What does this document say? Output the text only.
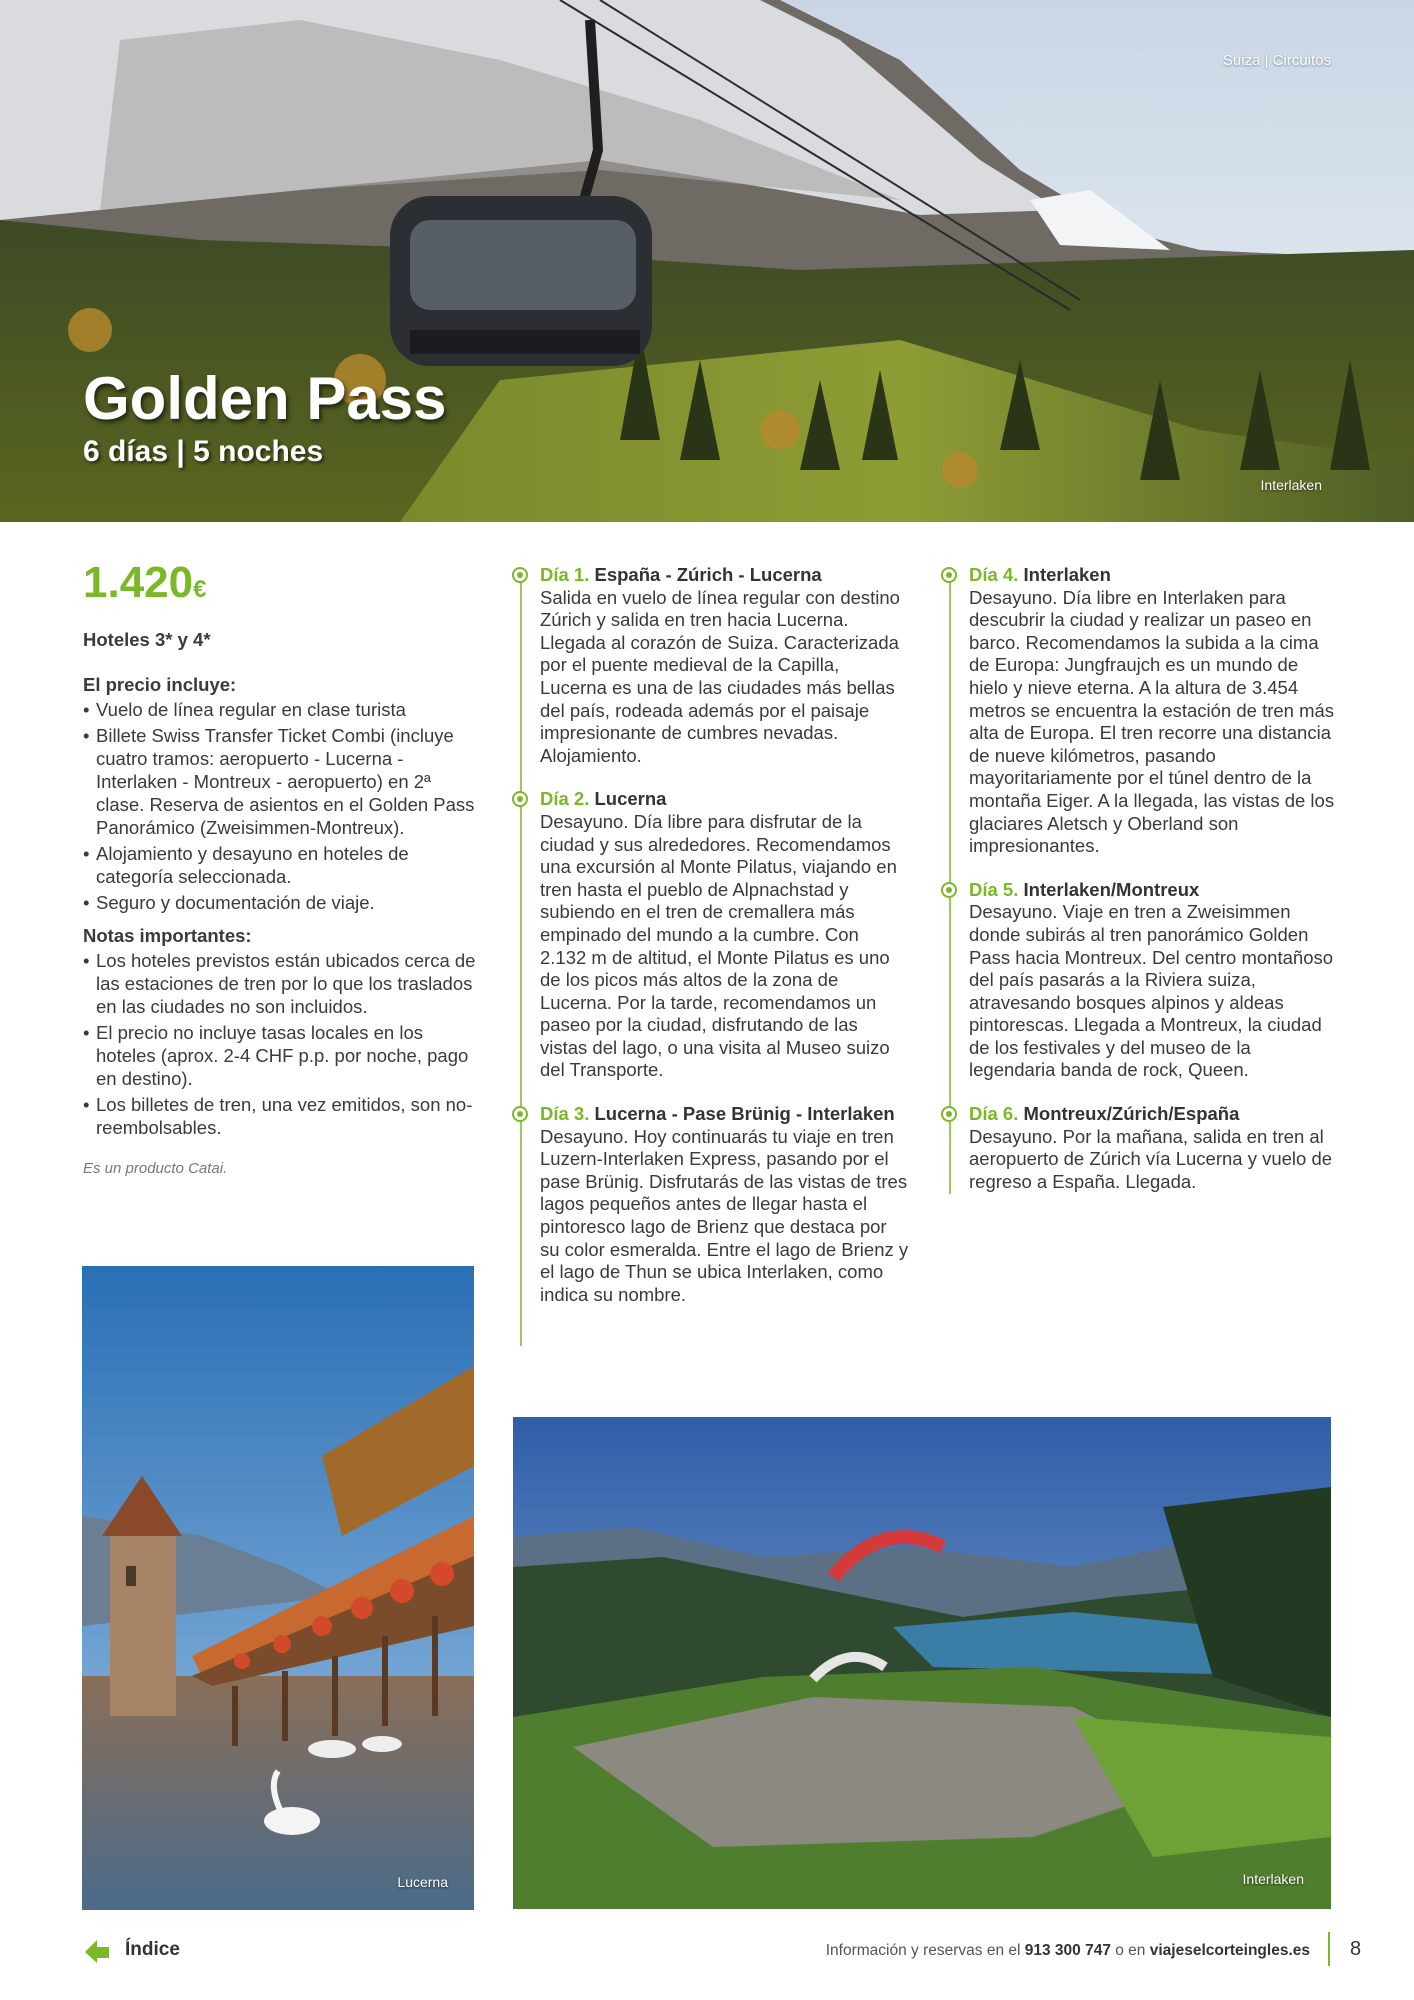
Suiza | Circuitos
Golden Pass
6 días | 5 noches
Interlaken
1.420€

Hoteles 3* y 4*

El precio incluye:
• Vuelo de línea regular en clase turista
• Billete Swiss Transfer Ticket Combi (incluye cuatro tramos: aeropuerto - Lucerna - Interlaken - Montreux - aeropuerto) en 2ª clase. Reserva de asientos en el Golden Pass Panorámico (Zweisimmen-Montreux).
• Alojamiento y desayuno en hoteles de categoría seleccionada.
• Seguro y documentación de viaje.
Notas importantes:
• Los hoteles previstos están ubicados cerca de las estaciones de tren por lo que los traslados en las ciudades no son incluidos.
• El precio no incluye tasas locales en los hoteles (aprox. 2-4 CHF p.p. por noche, pago en destino).
• Los billetes de tren, una vez emitidos, son no-reembolsables.
Es un producto Catai.
Día 1. España - Zúrich - Lucerna
Salida en vuelo de línea regular con destino Zúrich y salida en tren hacia Lucerna. Llegada al corazón de Suiza. Caracterizada por el puente medieval de la Capilla, Lucerna es una de las ciudades más bellas del país, rodeada además por el paisaje impresionante de cumbres nevadas. Alojamiento.
Día 2. Lucerna
Desayuno. Día libre para disfrutar de la ciudad y sus alrededores. Recomendamos una excursión al Monte Pilatus, viajando en tren hasta el pueblo de Alpnachstad y subiendo en el tren de cremallera más empinado del mundo a la cumbre. Con 2.132 m de altitud, el Monte Pilatus es uno de los picos más altos de la zona de Lucerna. Por la tarde, recomendamos un paseo por la ciudad, disfrutando de las vistas del lago, o una visita al Museo suizo del Transporte.
Día 3. Lucerna - Pase Brünig - Interlaken
Desayuno. Hoy continuarás tu viaje en tren Luzern-Interlaken Express, pasando por el pase Brünig. Disfrutarás de las vistas de tres lagos pequeños antes de llegar hasta el pintoresco lago de Brienz que destaca por su color esmeralda. Entre el lago de Brienz y el lago de Thun se ubica Interlaken, como indica su nombre.
Día 4. Interlaken
Desayuno. Día libre en Interlaken para descubrir la ciudad y realizar un paseo en barco. Recomendamos la subida a la cima de Europa: Jungfraujch es un mundo de hielo y nieve eterna. A la altura de 3.454 metros se encuentra la estación de tren más alta de Europa. El tren recorre una distancia de nueve kilómetros, pasando mayoritariamente por el túnel dentro de la montaña Eiger. A la llegada, las vistas de los glaciares Aletsch y Oberland son impresionantes.
Día 5. Interlaken/Montreux
Desayuno. Viaje en tren a Zweisimmen donde subirás al tren panorámico Golden Pass hacia Montreux. Del centro montañoso del país pasarás a la Riviera suiza, atravesando bosques alpinos y aldeas pintorescas. Llegada a Montreux, la ciudad de los festivales y del museo de la legendaria banda de rock, Queen.
Día 6. Montreux/Zúrich/España
Desayuno. Por la mañana, salida en tren al aeropuerto de Zúrich vía Lucerna y vuelo de regreso a España. Llegada.
Lucerna	Interlaken
Índice	Información y reservas en el 913 300 747 o en viajeselcorteingles.es 8
